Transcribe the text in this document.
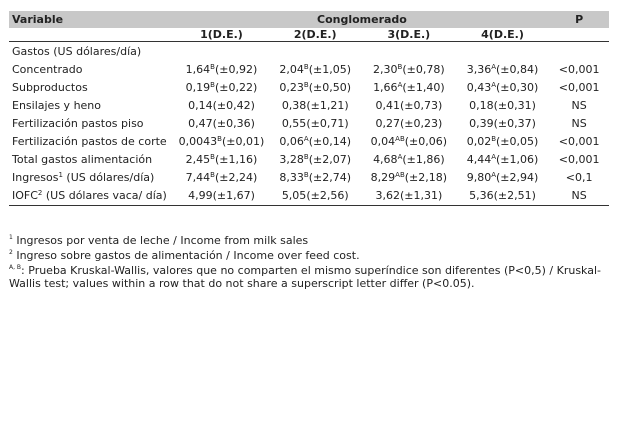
Variable	Conglomerado				P
	1(D.E.)	2(D.E.)	3(D.E.)	4(D.E.)	
Gastos (US dólares/día)					
Concentrado	$1,64^B(\pm 0,92)$	$2,04^B(\pm 1,05)$	$2,30^B(\pm 0,78)$	$3,36^A(\pm 0,84)$	<0,001
Subproductos	$0,19^B(\pm 0,22)$	$0,23^B(\pm 0,50)$	$1,66^A(\pm 1,40)$	$0,43^A(\pm 0,30)$	<0,001
Ensilajes y heno	0,14(±0,42)	0,38(±1,21)	0,41(±0,73)	0,18(±0,31)	NS
Fertilización pastos piso	0,47(±0,36)	0,55(±0,71)	0,27(±0,23)	0,39(±0,37)	NS
Fertilización pastos de corte	$0,0043^B(\pm 0,01)$	$0,06^A(\pm 0,14)$	$0,04^{AB}(\pm 0,06)$	$0,02^B(\pm 0,05)$	<0,001
Total gastos alimentación	$2,45^B(\pm 1,16)$	$3,28^B(\pm 2,07)$	$4,68^A(\pm 1,86)$	$4,44^A(\pm 1,06)$	<0,001
Ingresos$^1$ (US dólares/día)	$7,44^B(\pm 2,24)$	$8,33^B(\pm 2,74)$	$8,29^{AB}(\pm 2,18)$	$9,80^A(\pm 2,94)$	<0,1
IOFC$^2$ (US dólares vaca/ día)	4,99(±1,67)	5,05(±2,56)	3,62(±1,31)	5,36(±2,51)	NS

$^1$ Ingresos por venta de leche / Income from milk sales

$^2$ Ingreso sobre gastos de alimentación / Income over feed cost.

$^{A, B}$: Prueba Kruskal-Wallis, valores que no comparten el mismo superíndice son diferentes (P<0,5) / Kruskal-Wallis test; values within a row that do not share a superscript letter differ (P<0.05).
